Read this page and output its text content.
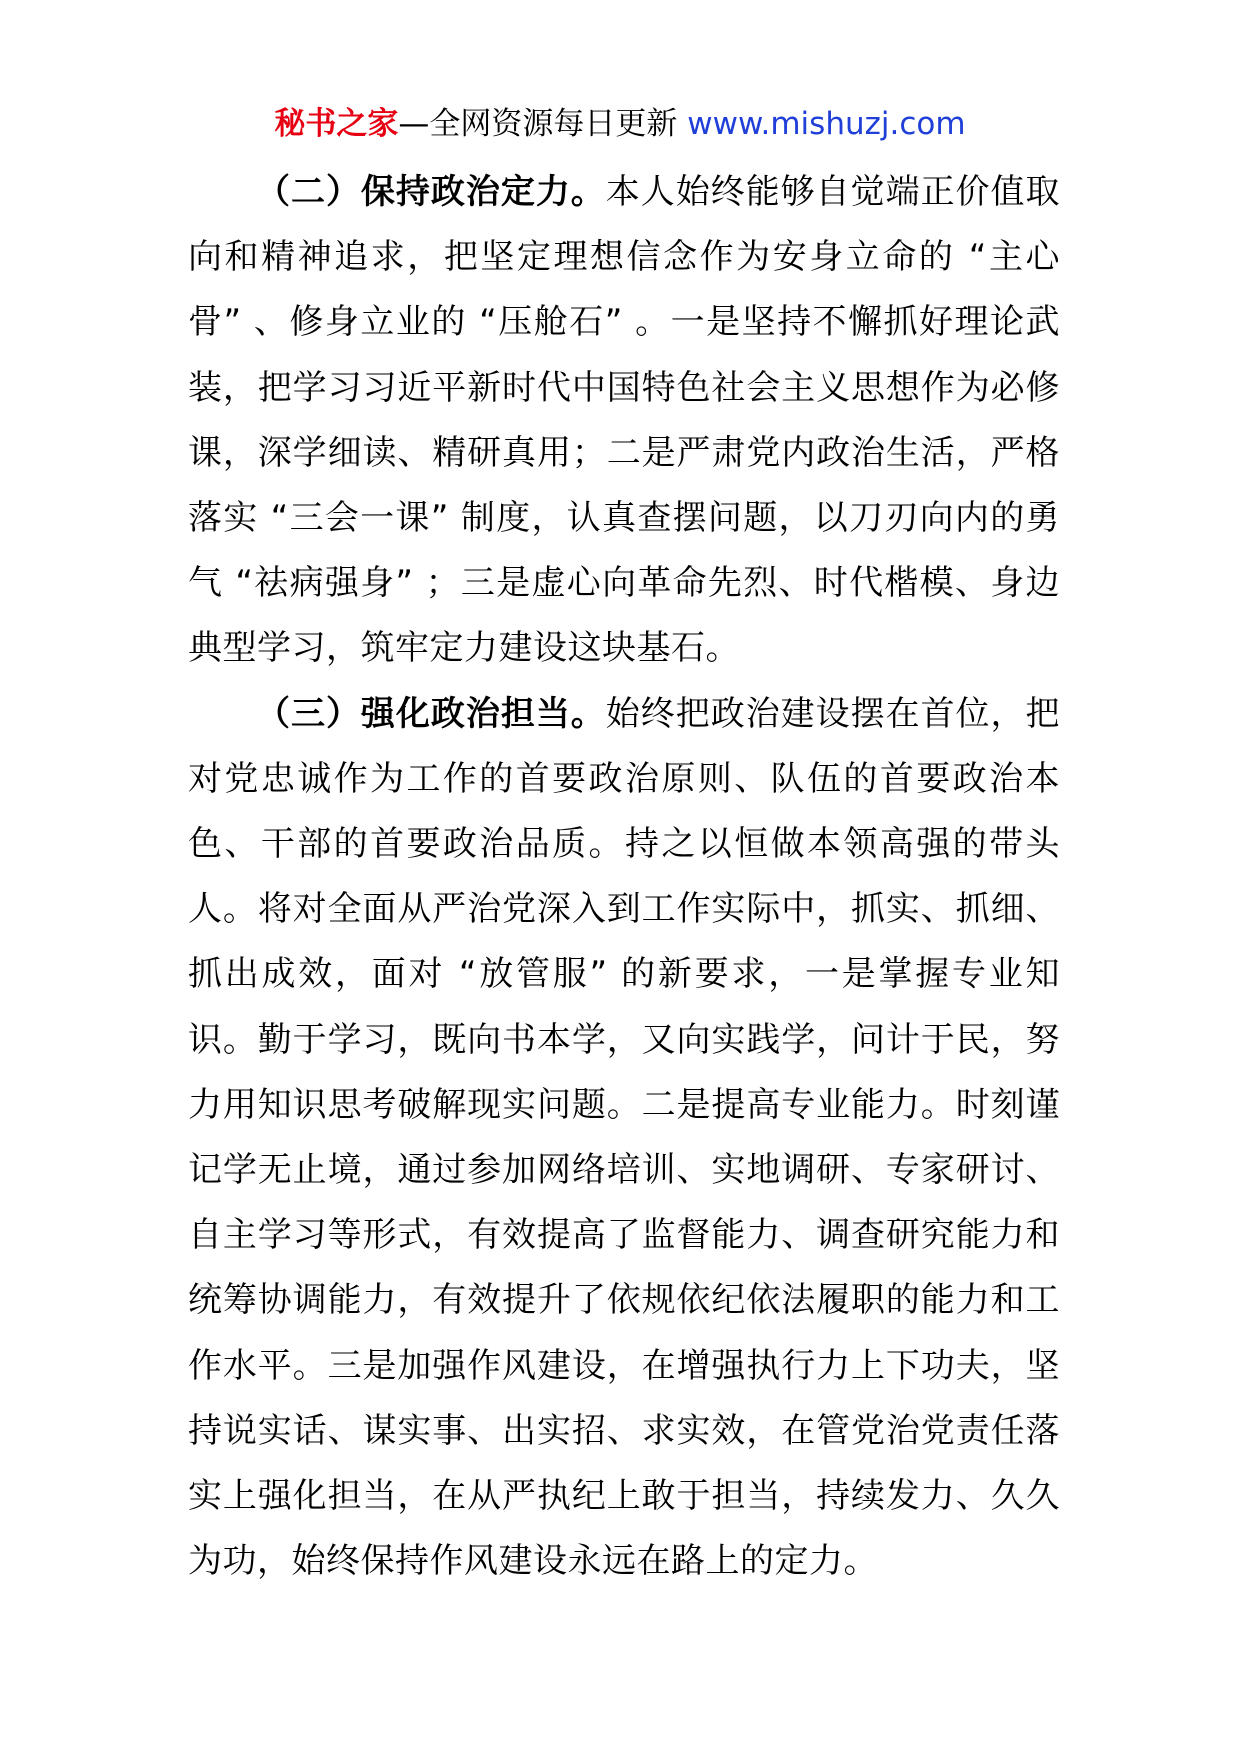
秘书之家—全网资源每日更新 www.mishuzj.com

（二）保持政治定力。本人始终能够自觉端正价值取向和精神追求，把坚定理想信念作为安身立命的 “主心骨” 、修身立业的 “压舱石” 。一是坚持不懈抓好理论武装，把学习习近平新时代中国特色社会主义思想作为必修课，深学细读、精研真用；二是严肃党内政治生活，严格落实 “三会一课” 制度，认真查摆问题，以刀刃向内的勇气 “祛病强身” ；三是虚心向革命先烈、时代楷模、身边典型学习，筑牢定力建设这块基石。

（三）强化政治担当。始终把政治建设摆在首位，把对党忠诚作为工作的首要政治原则、队伍的首要政治本色、干部的首要政治品质。持之以恒做本领高强的带头人。将对全面从严治党深入到工作实际中，抓实、抓细、抓出成效，面对 “放管服” 的新要求，一是掌握专业知识。勤于学习，既向书本学，又向实践学，问计于民，努力用知识思考破解现实问题。二是提高专业能力。时刻谨记学无止境，通过参加网络培训、实地调研、专家研讨、自主学习等形式，有效提高了监督能力、调查研究能力和统筹协调能力，有效提升了依规依纪依法履职的能力和工作水平。三是加强作风建设，在增强执行力上下功夫，坚持说实话、谋实事、出实招、求实效，在管党治党责任落实上强化担当，在从严执纪上敢于担当，持续发力、久久为功，始终保持作风建设永远在路上的定力。
